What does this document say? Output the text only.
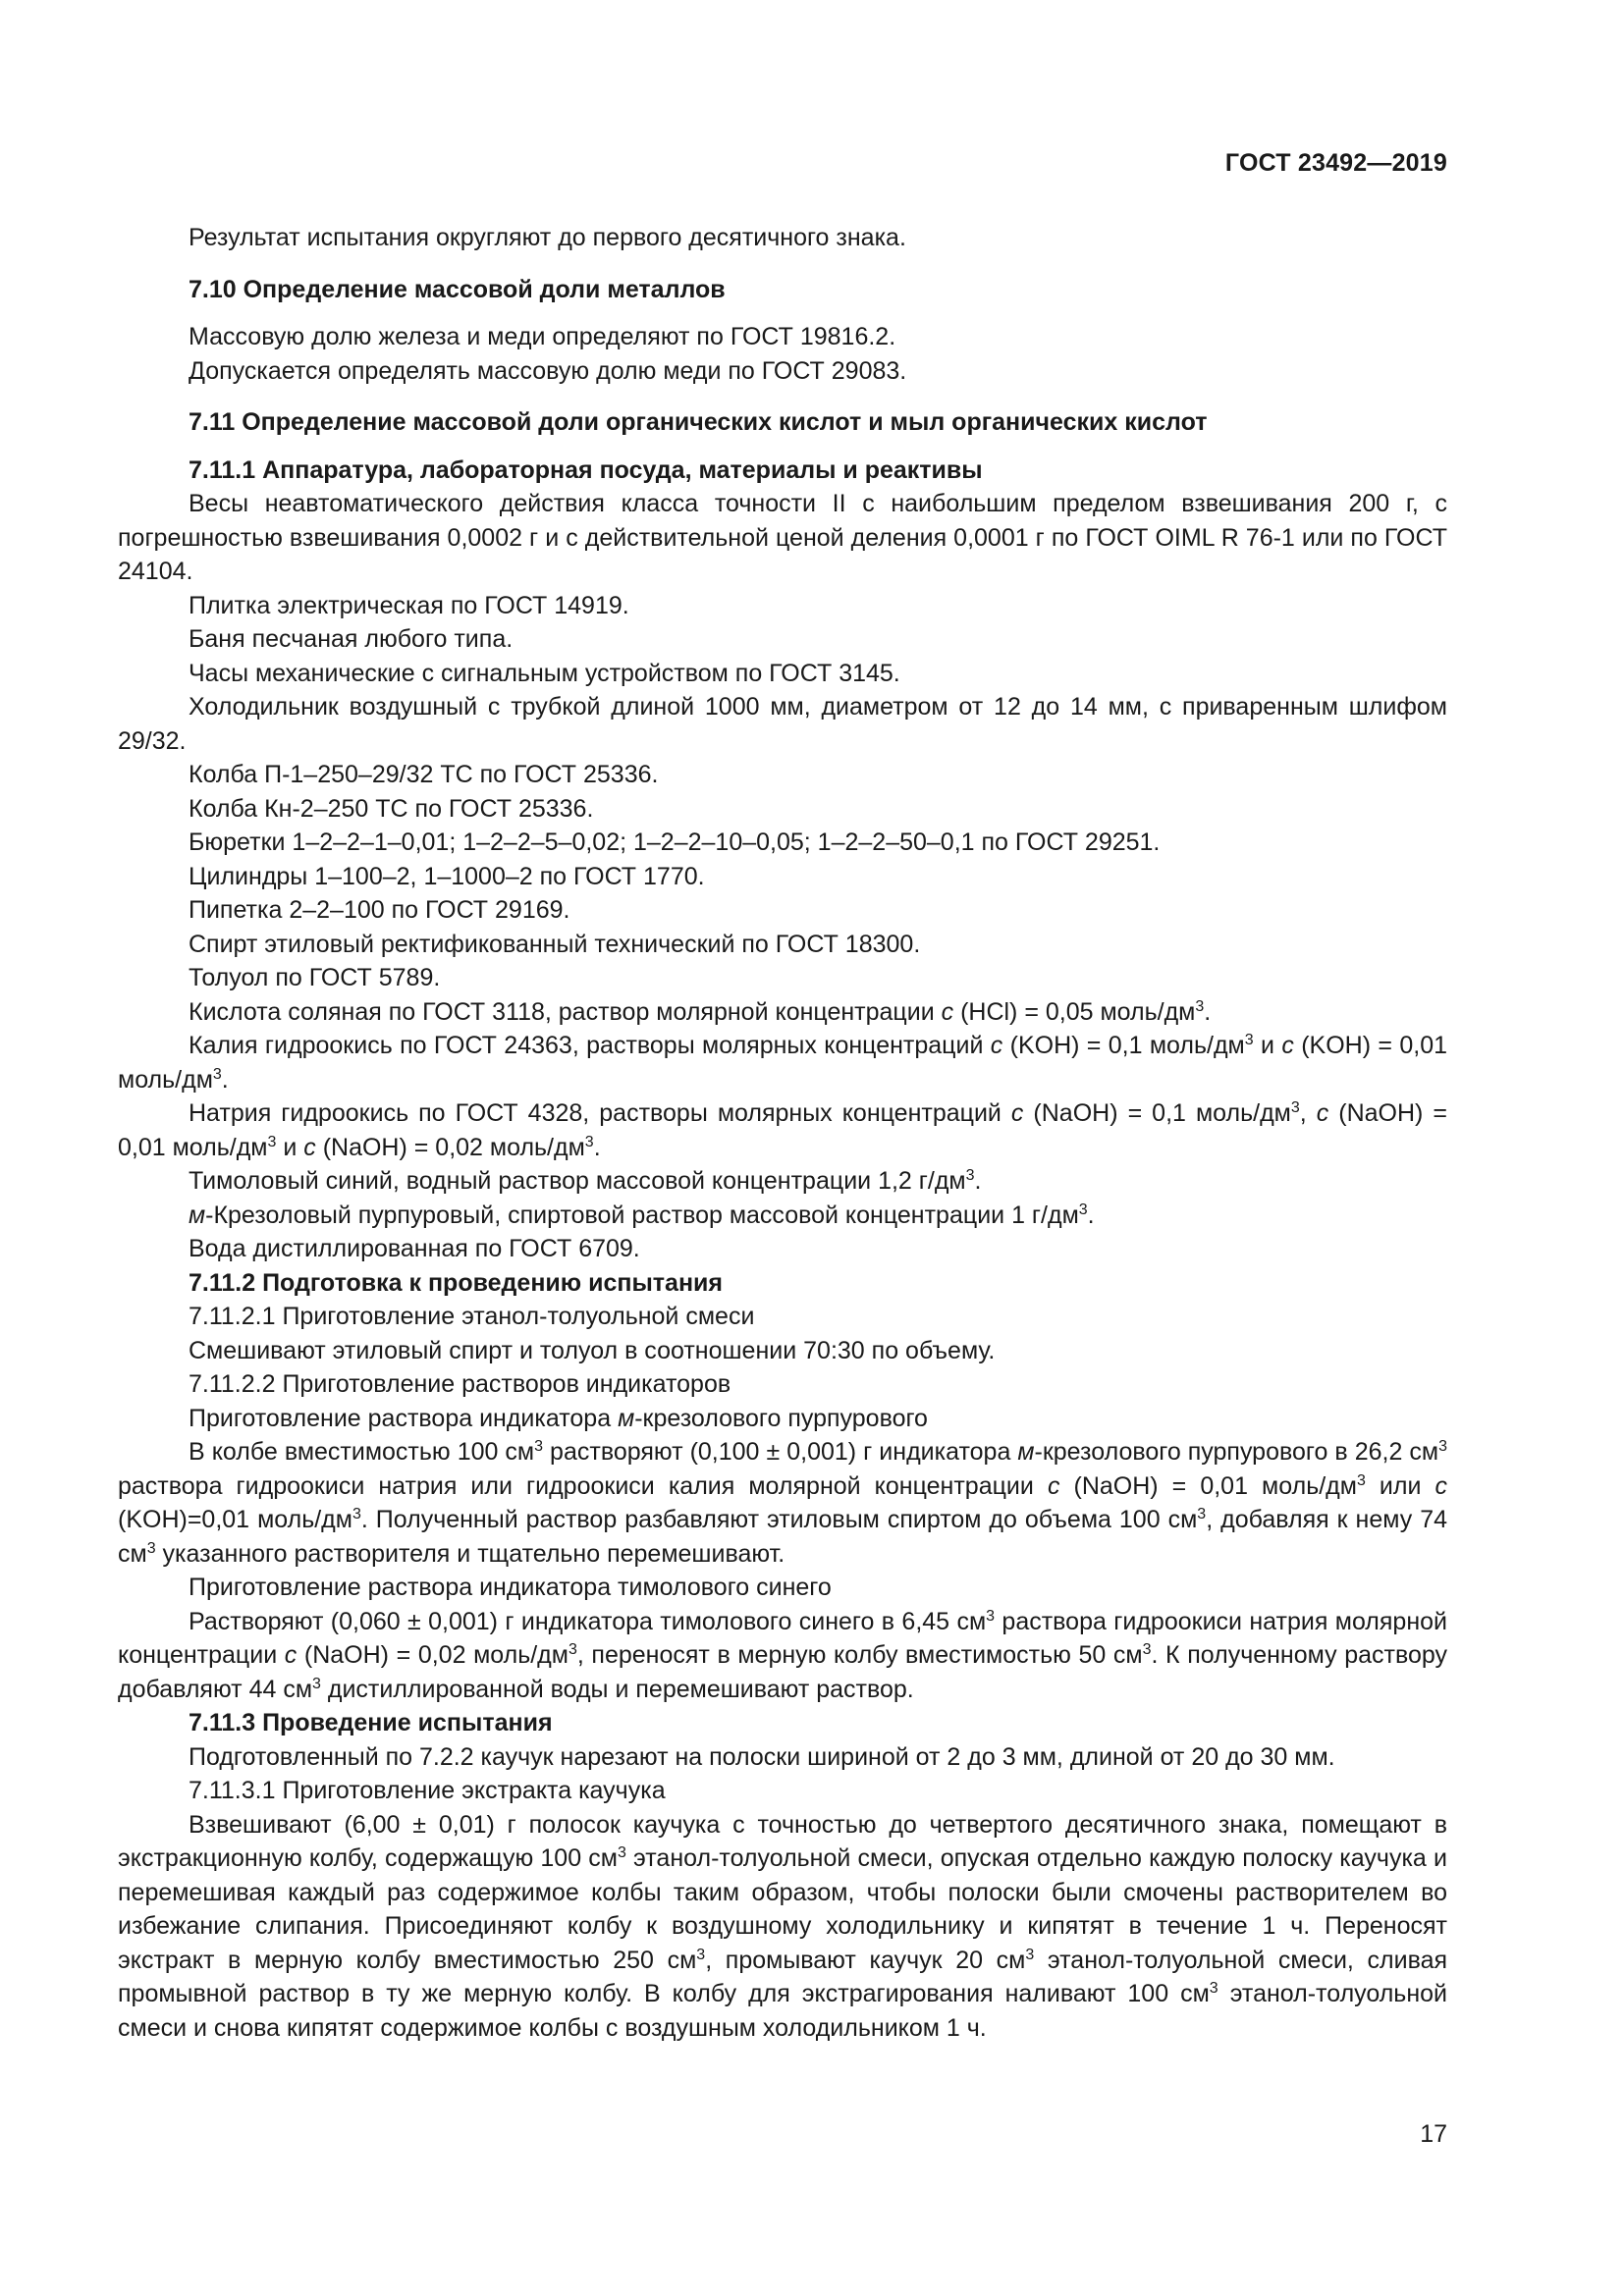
ГОСТ 23492—2019

Результат испытания округляют до первого десятичного знака.

7.10 Определение массовой доли металлов

Массовую долю железа и меди определяют по ГОСТ 19816.2.

Допускается определять массовую долю меди по ГОСТ 29083.

7.11 Определение массовой доли органических кислот и мыл органических кислот

7.11.1 Аппаратура, лабораторная посуда, материалы и реактивы

Весы неавтоматического действия класса точности II с наибольшим пределом взвешивания 200 г, с погрешностью взвешивания 0,0002 г и с действительной ценой деления 0,0001 г по ГОСТ OIML R 76-1 или по ГОСТ 24104.

Плитка электрическая по ГОСТ 14919.

Баня песчаная любого типа.

Часы механические с сигнальным устройством по ГОСТ 3145.

Холодильник воздушный с трубкой длиной 1000 мм, диаметром от 12 до 14 мм, с приваренным шлифом 29/32.

Колба П-1–250–29/32 ТС по ГОСТ 25336.

Колба Кн-2–250 ТС по ГОСТ 25336.

Бюретки 1–2–2–1–0,01; 1–2–2–5–0,02; 1–2–2–10–0,05; 1–2–2–50–0,1 по ГОСТ 29251.

Цилиндры 1–100–2, 1–1000–2 по ГОСТ 1770.

Пипетка 2–2–100 по ГОСТ 29169.

Спирт этиловый ректификованный технический по ГОСТ 18300.

Толуол по ГОСТ 5789.

Кислота соляная по ГОСТ 3118, раствор молярной концентрации c (HCl) = 0,05 моль/$дм^3$.

Калия гидроокись по ГОСТ 24363, растворы молярных концентраций c (KOH) = 0,1 моль/$дм^3$ и c (KOH) = 0,01 моль/$дм^3$.

Натрия гидроокись по ГОСТ 4328, растворы молярных концентраций c (NaOH) = 0,1 моль/$дм^3$, c (NaOH) = 0,01 моль/$дм^3$ и c (NaOH) = 0,02 моль/$дм^3$.

Тимоловый синий, водный раствор массовой концентрации 1,2 $г/дм^3$.

м-Крезоловый пурпуровый, спиртовой раствор массовой концентрации 1 $г/дм^3$.

Вода дистиллированная по ГОСТ 6709.

7.11.2 Подготовка к проведению испытания

7.11.2.1 Приготовление этанол-толуольной смеси

Смешивают этиловый спирт и толуол в соотношении 70:30 по объему.

7.11.2.2 Приготовление растворов индикаторов

Приготовление раствора индикатора м-крезолового пурпурового

В колбе вместимостью 100 $см^3$ растворяют (0,100 ± 0,001) г индикатора м-крезолового пурпурового в 26,2 $см^3$ раствора гидроокиси натрия или гидроокиси калия молярной концентрации c (NaOH) = 0,01 моль/$дм^3$ или c (KOH)=0,01 моль/$дм^3$. Полученный раствор разбавляют этиловым спиртом до объема 100 $см^3$, добавляя к нему 74 $см^3$ указанного растворителя и тщательно перемешивают.

Приготовление раствора индикатора тимолового синего

Растворяют (0,060 ± 0,001) г индикатора тимолового синего в 6,45 $см^3$ раствора гидроокиси натрия молярной концентрации c (NaOH) = 0,02 моль/$дм^3$, переносят в мерную колбу вместимостью 50 $см^3$. К полученному раствору добавляют 44 $см^3$ дистиллированной воды и перемешивают раствор.

7.11.3 Проведение испытания

Подготовленный по 7.2.2 каучук нарезают на полоски шириной от 2 до 3 мм, длиной от 20 до 30 мм.

7.11.3.1 Приготовление экстракта каучука

Взвешивают (6,00 ± 0,01) г полосок каучука с точностью до четвертого десятичного знака, помещают в экстракционную колбу, содержащую 100 $см^3$ этанол-толуольной смеси, опуская отдельно каждую полоску каучука и перемешивая каждый раз содержимое колбы таким образом, чтобы полоски были смочены растворителем во избежание слипания. Присоединяют колбу к воздушному холодильнику и кипятят в течение 1 ч. Переносят экстракт в мерную колбу вместимостью 250 $см^3$, промывают каучук 20 $см^3$ этанол-толуольной смеси, сливая промывной раствор в ту же мерную колбу. В колбу для экстрагирования наливают 100 $см^3$ этанол-толуольной смеси и снова кипятят содержимое колбы с воздушным холодильником 1 ч.

17
